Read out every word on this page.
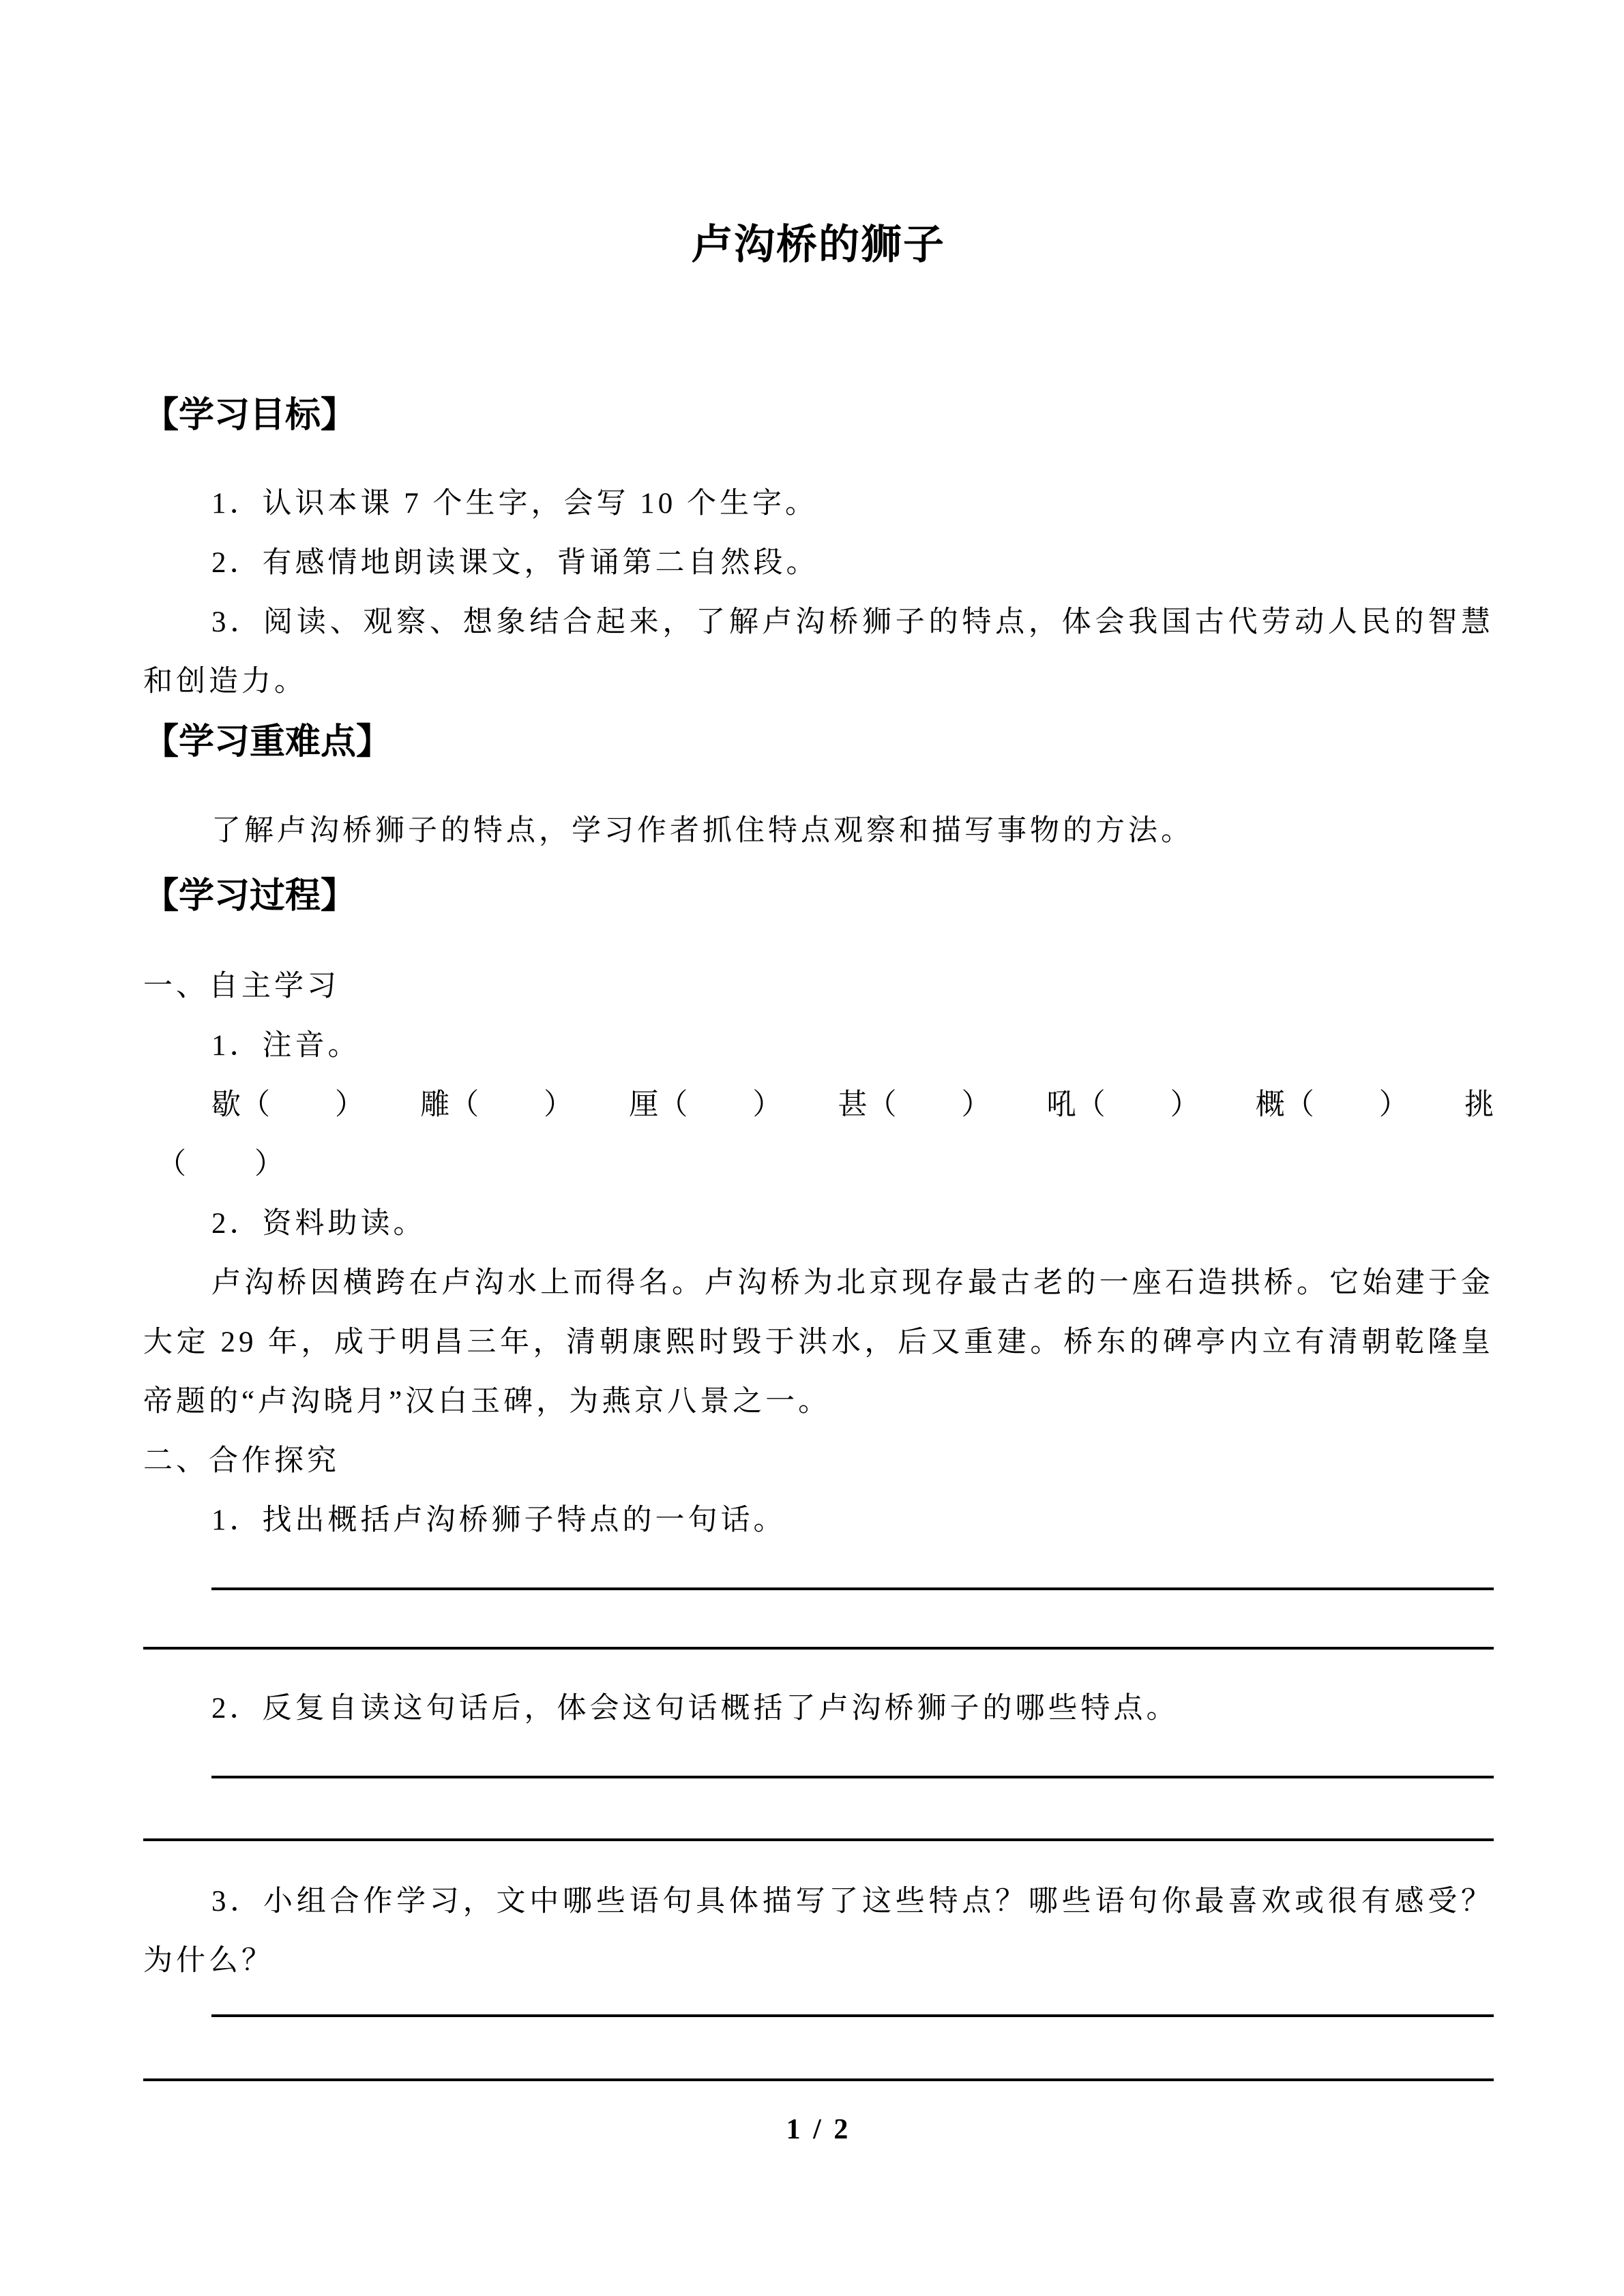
卢沟桥的狮子
【学习目标】

1．认识本课 7 个生字，会写 10 个生字。

2．有感情地朗读课文，背诵第二自然段。

3．阅读、观察、想象结合起来，了解卢沟桥狮子的特点，体会我国古代劳动人民的智慧和创造力。

【学习重难点】

了解卢沟桥狮子的特点，学习作者抓住特点观察和描写事物的方法。

【学习过程】

一、自主学习

1．注音。

歇（ ） 雕（ ） 厘（ ） 甚（ ） 吼（ ） 概（ ） 挑

（ ）

2．资料助读。

卢沟桥因横跨在卢沟水上而得名。卢沟桥为北京现存最古老的一座石造拱桥。它始建于金大定 29 年，成于明昌三年，清朝康熙时毁于洪水，后又重建。桥东的碑亭内立有清朝乾隆皇帝题的“卢沟晓月”汉白玉碑，为燕京八景之一。

二、合作探究

1．找出概括卢沟桥狮子特点的一句话。

2．反复自读这句话后，体会这句话概括了卢沟桥狮子的哪些特点。

3．小组合作学习，文中哪些语句具体描写了这些特点？哪些语句你最喜欢或很有感受？为什么？

1 / 2
